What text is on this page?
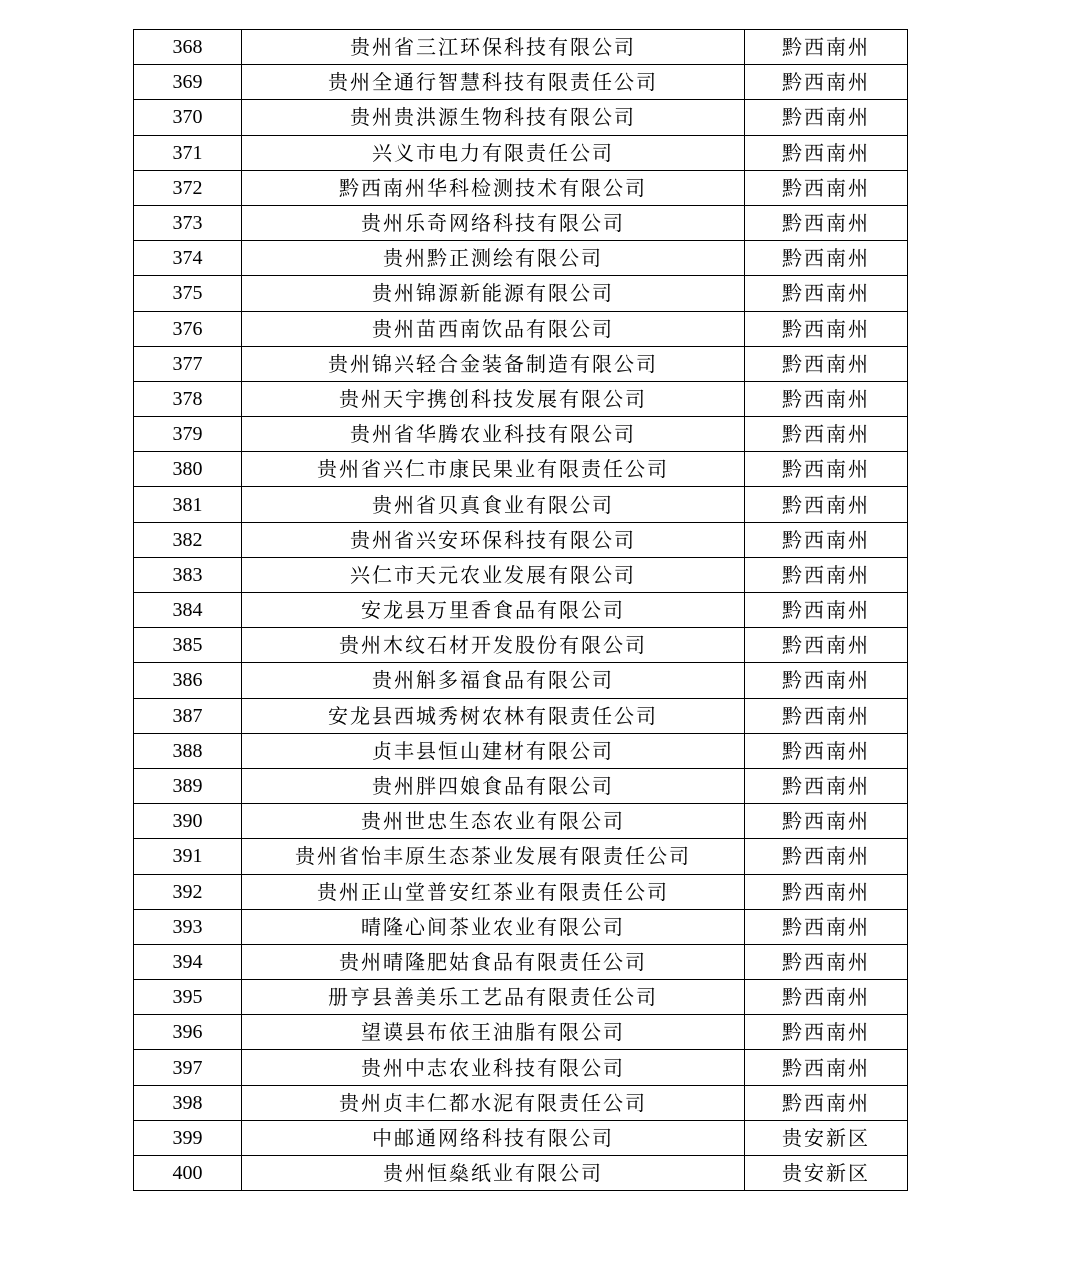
368	贵州省三江环保科技有限公司	黔西南州
369	贵州全通行智慧科技有限责任公司	黔西南州
370	贵州贵洪源生物科技有限公司	黔西南州
371	兴义市电力有限责任公司	黔西南州
372	黔西南州华科检测技术有限公司	黔西南州
373	贵州乐奇网络科技有限公司	黔西南州
374	贵州黔正测绘有限公司	黔西南州
375	贵州锦源新能源有限公司	黔西南州
376	贵州苗西南饮品有限公司	黔西南州
377	贵州锦兴轻合金装备制造有限公司	黔西南州
378	贵州天宇携创科技发展有限公司	黔西南州
379	贵州省华腾农业科技有限公司	黔西南州
380	贵州省兴仁市康民果业有限责任公司	黔西南州
381	贵州省贝真食业有限公司	黔西南州
382	贵州省兴安环保科技有限公司	黔西南州
383	兴仁市天元农业发展有限公司	黔西南州
384	安龙县万里香食品有限公司	黔西南州
385	贵州木纹石材开发股份有限公司	黔西南州
386	贵州斛多福食品有限公司	黔西南州
387	安龙县西城秀树农林有限责任公司	黔西南州
388	贞丰县恒山建材有限公司	黔西南州
389	贵州胖四娘食品有限公司	黔西南州
390	贵州世忠生态农业有限公司	黔西南州
391	贵州省怡丰原生态茶业发展有限责任公司	黔西南州
392	贵州正山堂普安红茶业有限责任公司	黔西南州
393	晴隆心间茶业农业有限公司	黔西南州
394	贵州晴隆肥姑食品有限责任公司	黔西南州
395	册亨县善美乐工艺品有限责任公司	黔西南州
396	望谟县布依王油脂有限公司	黔西南州
397	贵州中志农业科技有限公司	黔西南州
398	贵州贞丰仁都水泥有限责任公司	黔西南州
399	中邮通网络科技有限公司	贵安新区
400	贵州恒燊纸业有限公司	贵安新区
